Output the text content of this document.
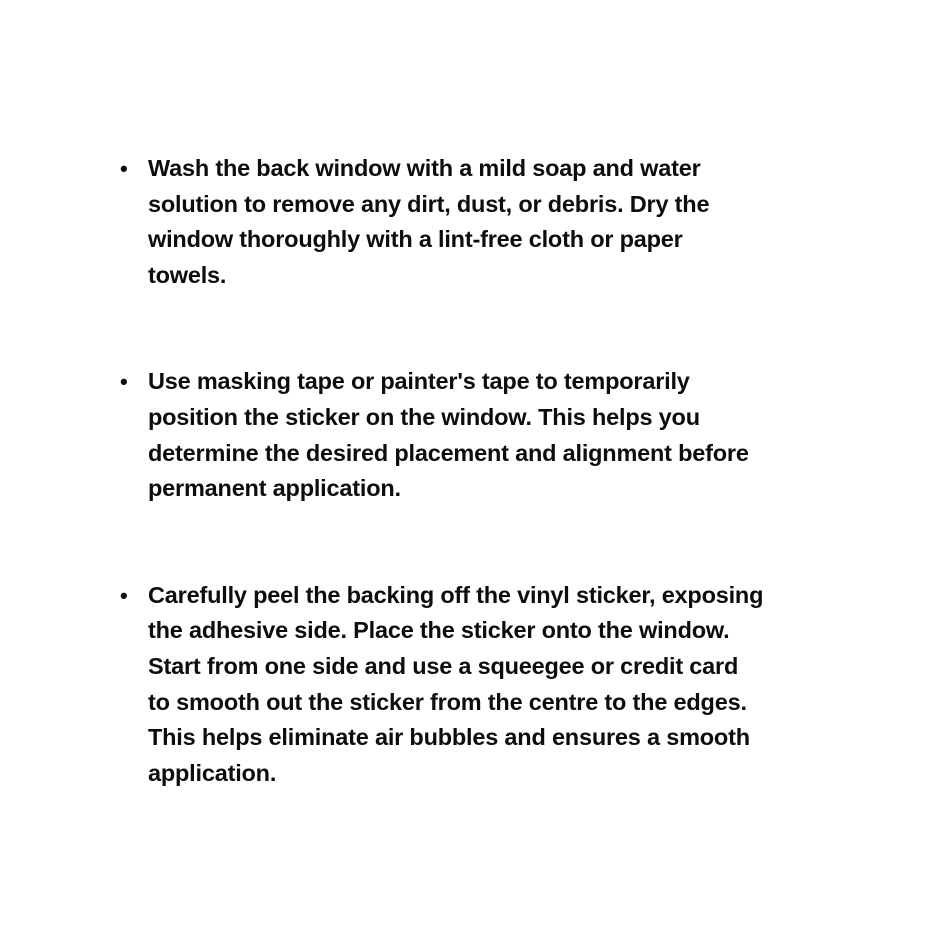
• Wash the back window with a mild soap and water
solution to remove any dirt, dust, or debris. Dry the
window thoroughly with a lint-free cloth or paper
towels.
• Use masking tape or painter's tape to temporarily
position the sticker on the window. This helps you
determine the desired placement and alignment before
permanent application.
• Carefully peel the backing off the vinyl sticker, exposing
the adhesive side. Place the sticker onto the window.
Start from one side and use a squeegee or credit card
to smooth out the sticker from the centre to the edges.
This helps eliminate air bubbles and ensures a smooth
application.
